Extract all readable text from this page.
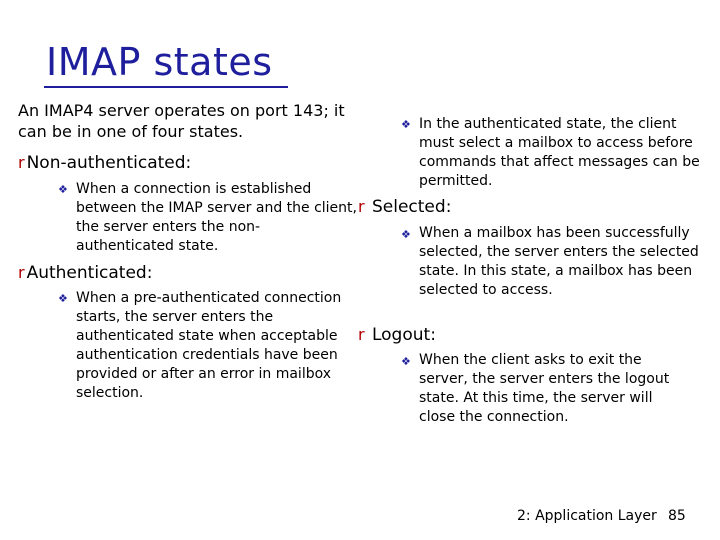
IMAP states
An IMAP4 server operates on port 143; it can be in one of four states.
r Non-authenticated:
❖ When a connection is established between the IMAP server and the client, the server enters the non-authenticated state.
r Authenticated:
❖ When a pre-authenticated connection starts, the server enters the authenticated state when acceptable authentication credentials have been provided or after an error in mailbox selection.
❖ In the authenticated state, the client must select a mailbox to access before commands that affect messages can be permitted.
r Selected:
❖ When a mailbox has been successfully selected, the server enters the selected state. In this state, a mailbox has been selected to access.
r Logout:
❖ When the client asks to exit the server, the server enters the logout state. At this time, the server will close the connection.
2: Application Layer 85
